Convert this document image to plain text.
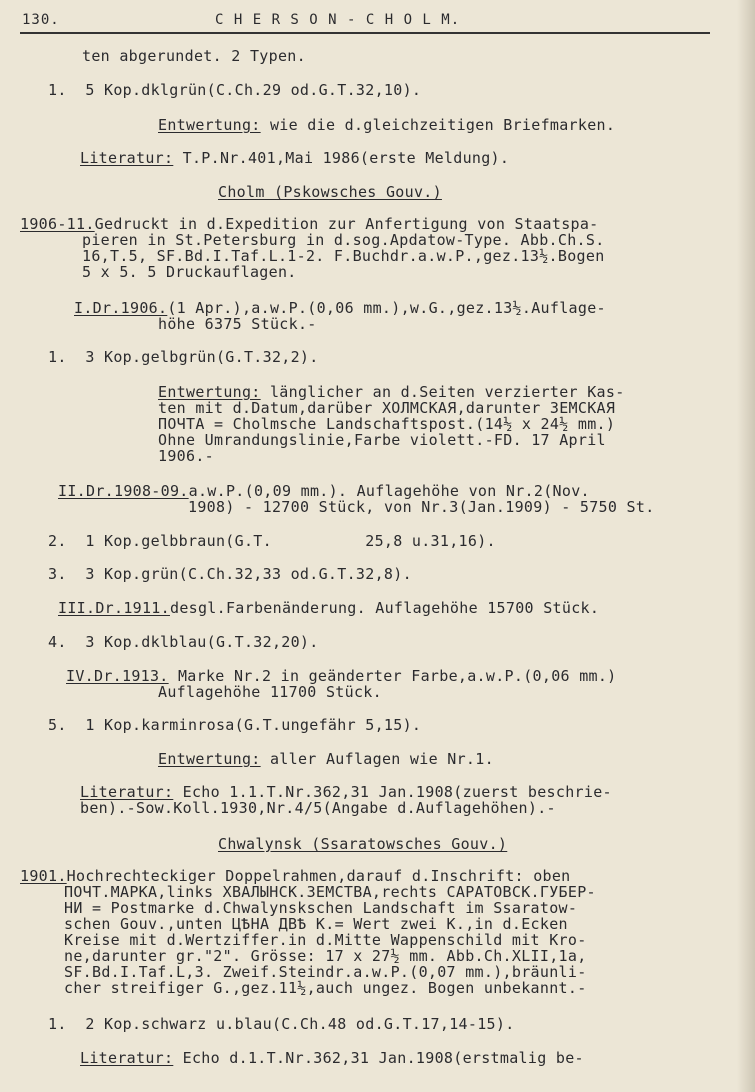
130.	C H E R S O N - C H O L M.
ten abgerundet. 2 Typen.
1.  5 Kop.dklgrün(C.Ch.29 od.G.T.32,10).
Entwertung: wie die d.gleichzeitigen Briefmarken.
Literatur: T.P.Nr.401,Mai 1986(erste Meldung).
Cholm (Pskowsches Gouv.)
1906-11.Gedruckt in d.Expedition zur Anfertigung von Staatspa-
pieren in St.Petersburg in d.sog.Apdatow-Type. Abb.Ch.S.
16,T.5, SF.Bd.I.Taf.L.1-2. F.Buchdr.a.w.P.,gez.13½.Bogen
5 x 5. 5 Druckauflagen.
I.Dr.1906.(1 Apr.),a.w.P.(0,06 mm.),w.G.,gez.13½.Auflage-
höhe 6375 Stück.-
1.  3 Kop.gelbgrün(G.T.32,2).
Entwertung: länglicher an d.Seiten verzierter Kas-
ten mit d.Datum,darüber ХОЛМСКАЯ,darunter ЗЕМСКАЯ
ПОЧТА = Cholmsche Landschaftspost.(14½ x 24½ mm.)
Ohne Umrandungslinie,Farbe violett.-FD. 17 April
1906.-
II.Dr.1908-09.a.w.P.(0,09 mm.). Auflagehöhe von Nr.2(Nov.
1908) - 12700 Stück, von Nr.3(Jan.1909) - 5750 St.
2.  1 Kop.gelbbraun(G.T.          25,8 u.31,16).
3.  3 Kop.grün(C.Ch.32,33 od.G.T.32,8).
III.Dr.1911.desgl.Farbenänderung. Auflagehöhe 15700 Stück.
4.  3 Kop.dklblau(G.T.32,20).
IV.Dr.1913. Marke Nr.2 in geänderter Farbe,a.w.P.(0,06 mm.)
Auflagehöhe 11700 Stück.
5.  1 Kop.karminrosa(G.T.ungefähr 5,15).
Entwertung: aller Auflagen wie Nr.1.
Literatur: Echo 1.1.T.Nr.362,31 Jan.1908(zuerst beschrie-
ben).-Sow.Koll.1930,Nr.4/5(Angabe d.Auflagehöhen).-
Chwalynsk (Ssaratowsches Gouv.)
1901.Hochrechteckiger Doppelrahmen,darauf d.Inschrift: oben
ПОЧТ.МАРКА,links ХВАЛЫНСК.ЗЕМСТВА,rechts САРАТОВСК.ГУБЕР-
НИ = Postmarke d.Chwalynskschen Landschaft im Ssaratow-
schen Gouv.,unten ЦѢНА ДВѢ К.= Wert zwei K.,in d.Ecken
Kreise mit d.Wertziffer.in d.Mitte Wappenschild mit Kro-
ne,darunter gr."2". Grösse: 17 x 27½ mm. Abb.Ch.XLII,1a,
SF.Bd.I.Taf.L,3. Zweif.Steindr.a.w.P.(0,07 mm.),bräunli-
cher streifiger G.,gez.11½,auch ungez. Bogen unbekannt.-
1.  2 Kop.schwarz u.blau(C.Ch.48 od.G.T.17,14-15).
Literatur: Echo d.1.T.Nr.362,31 Jan.1908(erstmalig be-
